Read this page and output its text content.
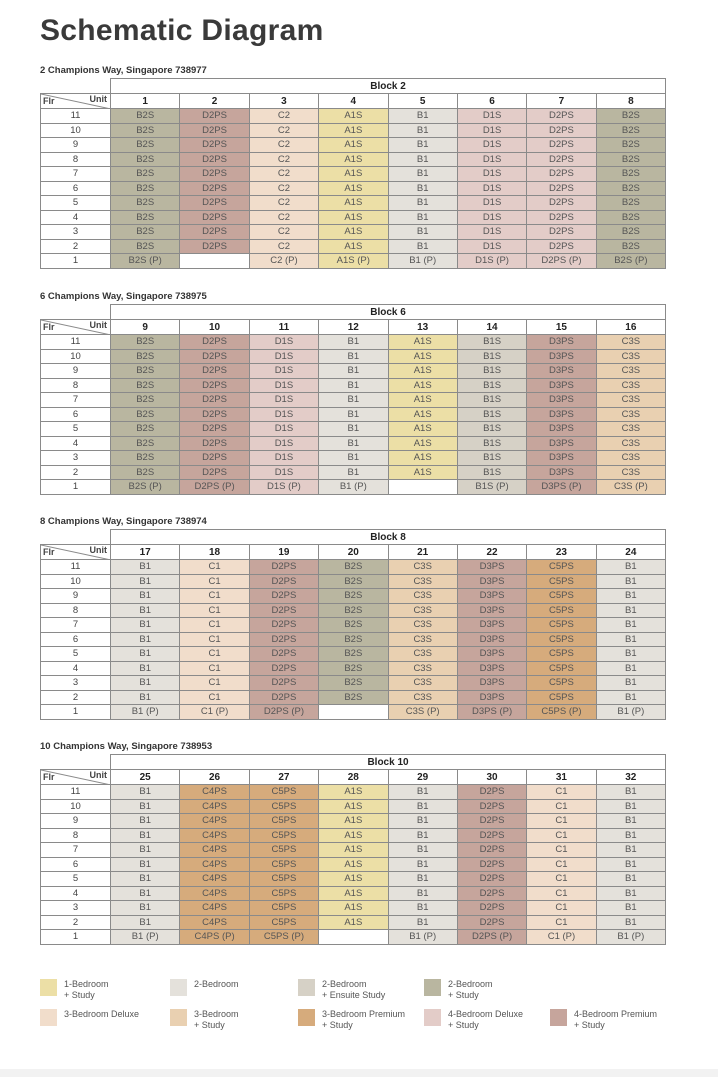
Schematic Diagram
2 Champions Way, Singapore 738977
	Block 2							

Flr Unit	1	2	3	4	5	6	7	8
11	B2S	D2PS	C2	A1S	B1	D1S	D2PS	B2S
10	B2S	D2PS	C2	A1S	B1	D1S	D2PS	B2S
9	B2S	D2PS	C2	A1S	B1	D1S	D2PS	B2S
8	B2S	D2PS	C2	A1S	B1	D1S	D2PS	B2S
7	B2S	D2PS	C2	A1S	B1	D1S	D2PS	B2S
6	B2S	D2PS	C2	A1S	B1	D1S	D2PS	B2S
5	B2S	D2PS	C2	A1S	B1	D1S	D2PS	B2S
4	B2S	D2PS	C2	A1S	B1	D1S	D2PS	B2S
3	B2S	D2PS	C2	A1S	B1	D1S	D2PS	B2S
2	B2S	D2PS	C2	A1S	B1	D1S	D2PS	B2S
1	B2S (P)		C2 (P)	A1S (P)	B1 (P)	D1S (P)	D2PS (P)	B2S (P)
6 Champions Way, Singapore 738975
	Block 6							

Flr Unit	9	10	11	12	13	14	15	16
11	B2S	D2PS	D1S	B1	A1S	B1S	D3PS	C3S
10	B2S	D2PS	D1S	B1	A1S	B1S	D3PS	C3S
9	B2S	D2PS	D1S	B1	A1S	B1S	D3PS	C3S
8	B2S	D2PS	D1S	B1	A1S	B1S	D3PS	C3S
7	B2S	D2PS	D1S	B1	A1S	B1S	D3PS	C3S
6	B2S	D2PS	D1S	B1	A1S	B1S	D3PS	C3S
5	B2S	D2PS	D1S	B1	A1S	B1S	D3PS	C3S
4	B2S	D2PS	D1S	B1	A1S	B1S	D3PS	C3S
3	B2S	D2PS	D1S	B1	A1S	B1S	D3PS	C3S
2	B2S	D2PS	D1S	B1	A1S	B1S	D3PS	C3S
1	B2S (P)	D2PS (P)	D1S (P)	B1 (P)		B1S (P)	D3PS (P)	C3S (P)
8 Champions Way, Singapore 738974
	Block 8							

Flr Unit	17	18	19	20	21	22	23	24
11	B1	C1	D2PS	B2S	C3S	D3PS	C5PS	B1
10	B1	C1	D2PS	B2S	C3S	D3PS	C5PS	B1
9	B1	C1	D2PS	B2S	C3S	D3PS	C5PS	B1
8	B1	C1	D2PS	B2S	C3S	D3PS	C5PS	B1
7	B1	C1	D2PS	B2S	C3S	D3PS	C5PS	B1
6	B1	C1	D2PS	B2S	C3S	D3PS	C5PS	B1
5	B1	C1	D2PS	B2S	C3S	D3PS	C5PS	B1
4	B1	C1	D2PS	B2S	C3S	D3PS	C5PS	B1
3	B1	C1	D2PS	B2S	C3S	D3PS	C5PS	B1
2	B1	C1	D2PS	B2S	C3S	D3PS	C5PS	B1
1	B1 (P)	C1 (P)	D2PS (P)		C3S (P)	D3PS (P)	C5PS (P)	B1 (P)
10 Champions Way, Singapore 738953
	Block 10							

Flr Unit	25	26	27	28	29	30	31	32
11	B1	C4PS	C5PS	A1S	B1	D2PS	C1	B1
10	B1	C4PS	C5PS	A1S	B1	D2PS	C1	B1
9	B1	C4PS	C5PS	A1S	B1	D2PS	C1	B1
8	B1	C4PS	C5PS	A1S	B1	D2PS	C1	B1
7	B1	C4PS	C5PS	A1S	B1	D2PS	C1	B1
6	B1	C4PS	C5PS	A1S	B1	D2PS	C1	B1
5	B1	C4PS	C5PS	A1S	B1	D2PS	C1	B1
4	B1	C4PS	C5PS	A1S	B1	D2PS	C1	B1
3	B1	C4PS	C5PS	A1S	B1	D2PS	C1	B1
2	B1	C4PS	C5PS	A1S	B1	D2PS	C1	B1
1	B1 (P)	C4PS (P)	C5PS (P)		B1 (P)	D2PS (P)	C1 (P)	B1 (P)
1-Bedroom
+ Study
2-Bedroom	2-Bedroom
+ Ensuite Study
2-Bedroom
+ Study
3-Bedroom Deluxe	3-Bedroom
+ Study
3-Bedroom Premium
+ Study
4-Bedroom Deluxe
+ Study
4-Bedroom Premium
+ Study
